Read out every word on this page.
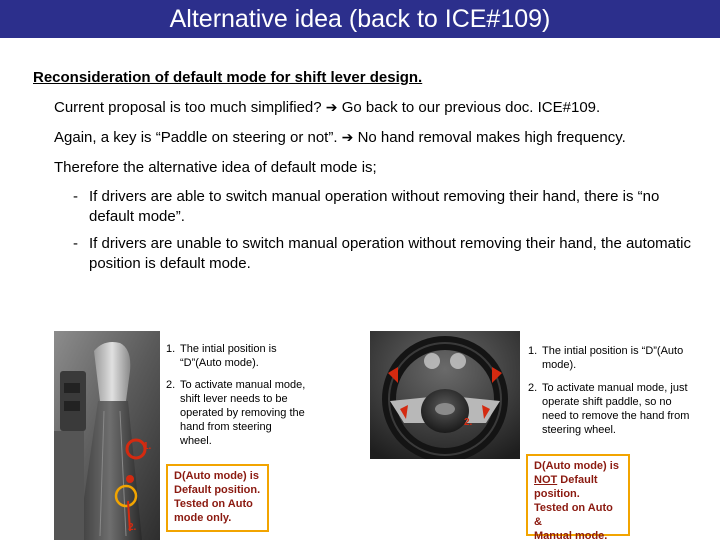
Alternative idea (back to ICE#109)
Reconsideration of default mode for shift lever design.
Current proposal is too much simplified? ➔ Go back to our previous doc. ICE#109.
Again, a key is “Paddle on steering or not”. ➔ No hand removal makes high frequency.
Therefore the alternative idea of default mode is;
- If drivers are able to switch manual operation without removing their hand, there is “no default mode”.
- If drivers are unable to switch manual operation without removing their hand, the automatic position is default mode.
1.
2.
1. The intial position is “D”(Auto mode).
2. To activate manual mode, shift lever needs to be operated by removing the hand from steering wheel.
D(Auto mode) is
Default position.
Tested on Auto
mode only.
2.
1. The intial position is “D”(Auto mode).
2. To activate manual mode, just operate shift paddle, so no need to remove the hand from steering wheel.
D(Auto mode) is
NOT Default
position.
Tested on Auto &
Manual mode.
